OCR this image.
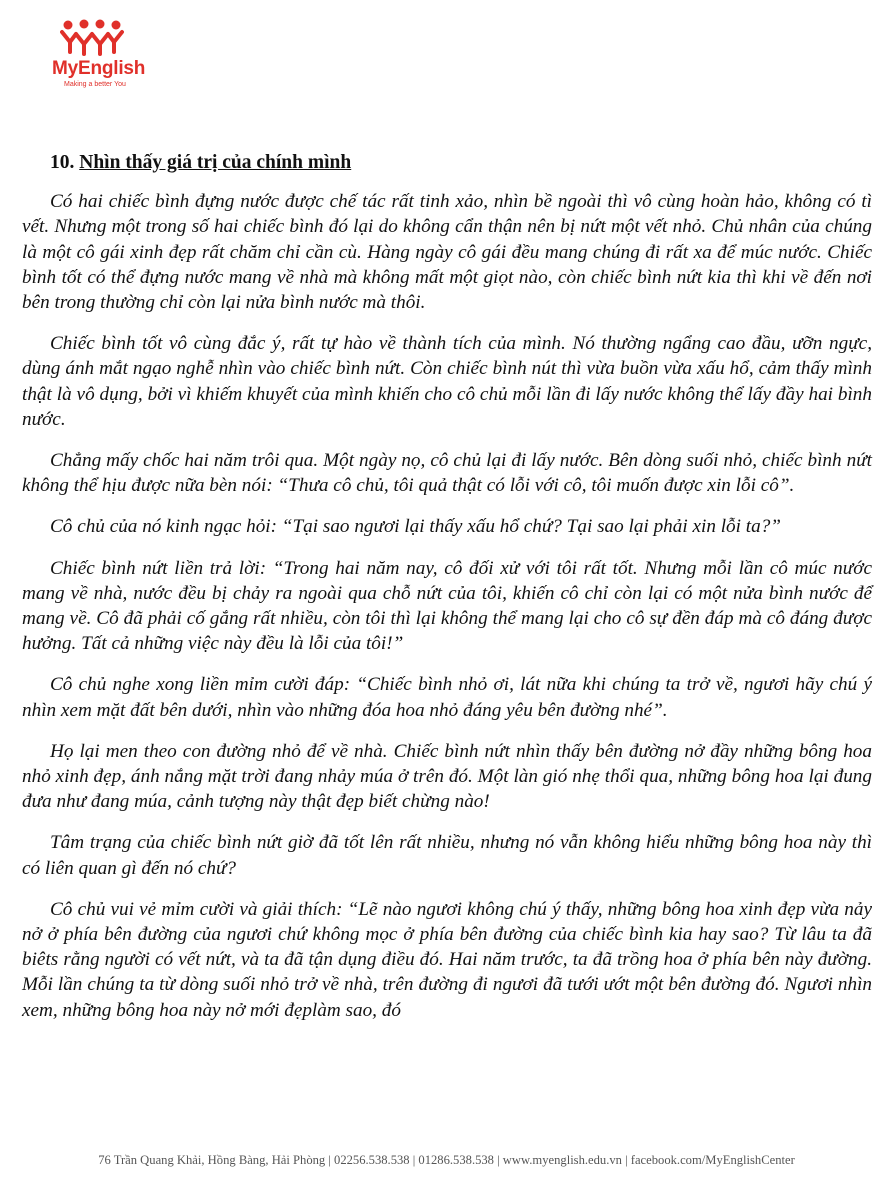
MyEnglish
Making a better You
10. Nhìn thấy giá trị của chính mình

Có hai chiếc bình đựng nước được chế tác rất tinh xảo, nhìn bề ngoài thì vô cùng hoàn hảo, không có tì vết. Nhưng một trong số hai chiếc bình đó lại do không cẩn thận nên bị nứt một vết nhỏ. Chủ nhân của chúng là một cô gái xinh đẹp rất chăm chỉ cần cù. Hàng ngày cô gái đều mang chúng đi rất xa để múc nước. Chiếc bình tốt có thể đựng nước mang về nhà mà không mất một giọt nào, còn chiếc bình nứt kia thì khi về đến nơi bên trong thường chỉ còn lại nửa bình nước mà thôi.

Chiếc bình tốt vô cùng đắc ý, rất tự hào về thành tích của mình. Nó thường ngẩng cao đầu, ưỡn ngực, dùng ánh mắt ngạo nghễ nhìn vào chiếc bình nứt. Còn chiếc bình nút thì vừa buồn vừa xấu hổ, cảm thấy mình thật là vô dụng, bởi vì khiếm khuyết của mình khiến cho cô chủ mỗi lần đi lấy nước không thể lấy đầy hai bình nước.

Chẳng mấy chốc hai năm trôi qua. Một ngày nọ, cô chủ lại đi lấy nước. Bên dòng suối nhỏ, chiếc bình nứt không thể hịu được nữa bèn nói: “Thưa cô chủ, tôi quả thật có lỗi với cô, tôi muốn được xin lỗi cô”.

Cô chủ của nó kinh ngạc hỏi: “Tại sao ngươi lại thấy xấu hổ chứ? Tại sao lại phải xin lỗi ta?”

Chiếc bình nứt liền trả lời: “Trong hai năm nay, cô đối xử với tôi rất tốt. Nhưng mỗi lần cô múc nước mang về nhà, nước đều bị chảy ra ngoài qua chỗ nứt của tôi, khiến cô chỉ còn lại có một nửa bình nước để mang về. Cô đã phải cố gắng rất nhiều, còn tôi thì lại không thể mang lại cho cô sự đền đáp mà cô đáng được hưởng. Tất cả những việc này đều là lỗi của tôi!”

Cô chủ nghe xong liền mỉm cười đáp: “Chiếc bình nhỏ ơi, lát nữa khi chúng ta trở về, ngươi hãy chú ý nhìn xem mặt đất bên dưới, nhìn vào những đóa hoa nhỏ đáng yêu bên đường nhé”.

Họ lại men theo con đường nhỏ để về nhà. Chiếc bình nứt nhìn thấy bên đường nở đầy những bông hoa nhỏ xinh đẹp, ánh nắng mặt trời đang nhảy múa ở trên đó. Một làn gió nhẹ thổi qua, những bông hoa lại đung đưa như đang múa, cảnh tượng này thật đẹp biết chừng nào!

Tâm trạng của chiếc bình nứt giờ đã tốt lên rất nhiều, nhưng nó vẫn không hiểu những bông hoa này thì có liên quan gì đến nó chứ?

Cô chủ vui vẻ mỉm cười và giải thích: “Lẽ nào ngươi không chú ý thấy, những bông hoa xinh đẹp vừa nảy nở ở phía bên đường của ngươi chứ không mọc ở phía bên đường của chiếc bình kia hay sao? Từ lâu ta đã biêts rằng người có vết nứt, và ta đã tận dụng điều đó. Hai năm trước, ta đã trồng hoa ở phía bên này đường. Mỗi lần chúng ta từ dòng suối nhỏ trở về nhà, trên đường đi ngươi đã tưới ướt một bên đường đó. Ngươi nhìn xem, những bông hoa này nở mới đẹplàm sao, đó

76 Trần Quang Khải, Hồng Bàng, Hải Phòng | 02256.538.538 | 01286.538.538 | www.myenglish.edu.vn | facebook.com/MyEnglishCenter
